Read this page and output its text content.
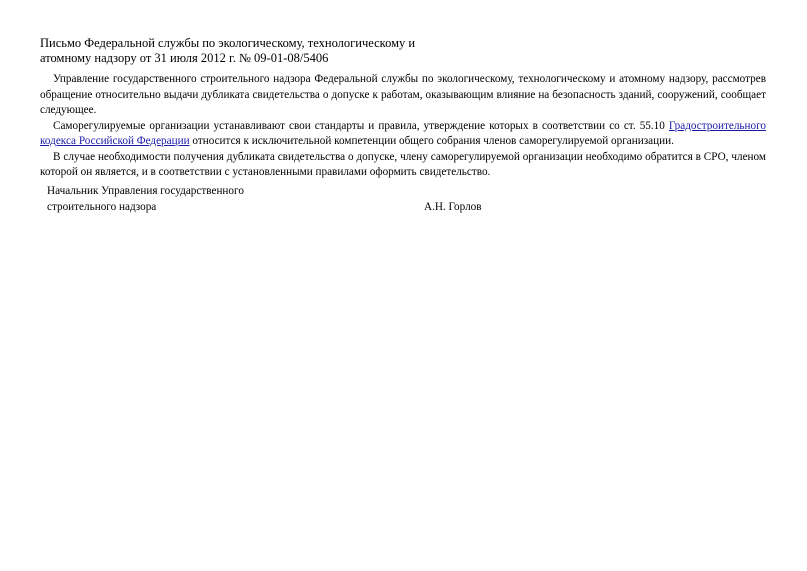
Письмо Федеральной службы по экологическому, технологическому и
атомному надзору от 31 июля 2012 г. № 09-01-08/5406

Управление государственного строительного надзора Федеральной службы по экологическому, технологическому и атомному надзору, рассмотрев обращение относительно выдачи дубликата свидетельства о допуске к работам, оказывающим влияние на безопасность зданий, сооружений, сообщает следующее.

Саморегулируемые организации устанавливают свои стандарты и правила, утверждение которых в соответствии со ст. 55.10 Градостроительного кодекса Российской Федерации относится к исключительной компетенции общего собрания членов саморегулируемой организации.

В случае необходимости получения дубликата свидетельства о допуске, члену саморегулируемой организации необходимо обратится в СРО, членом которой он является, и в соответствии с установленными правилами оформить свидетельство.

Начальник Управления государственного
строительного надзора	А.Н. Горлов
